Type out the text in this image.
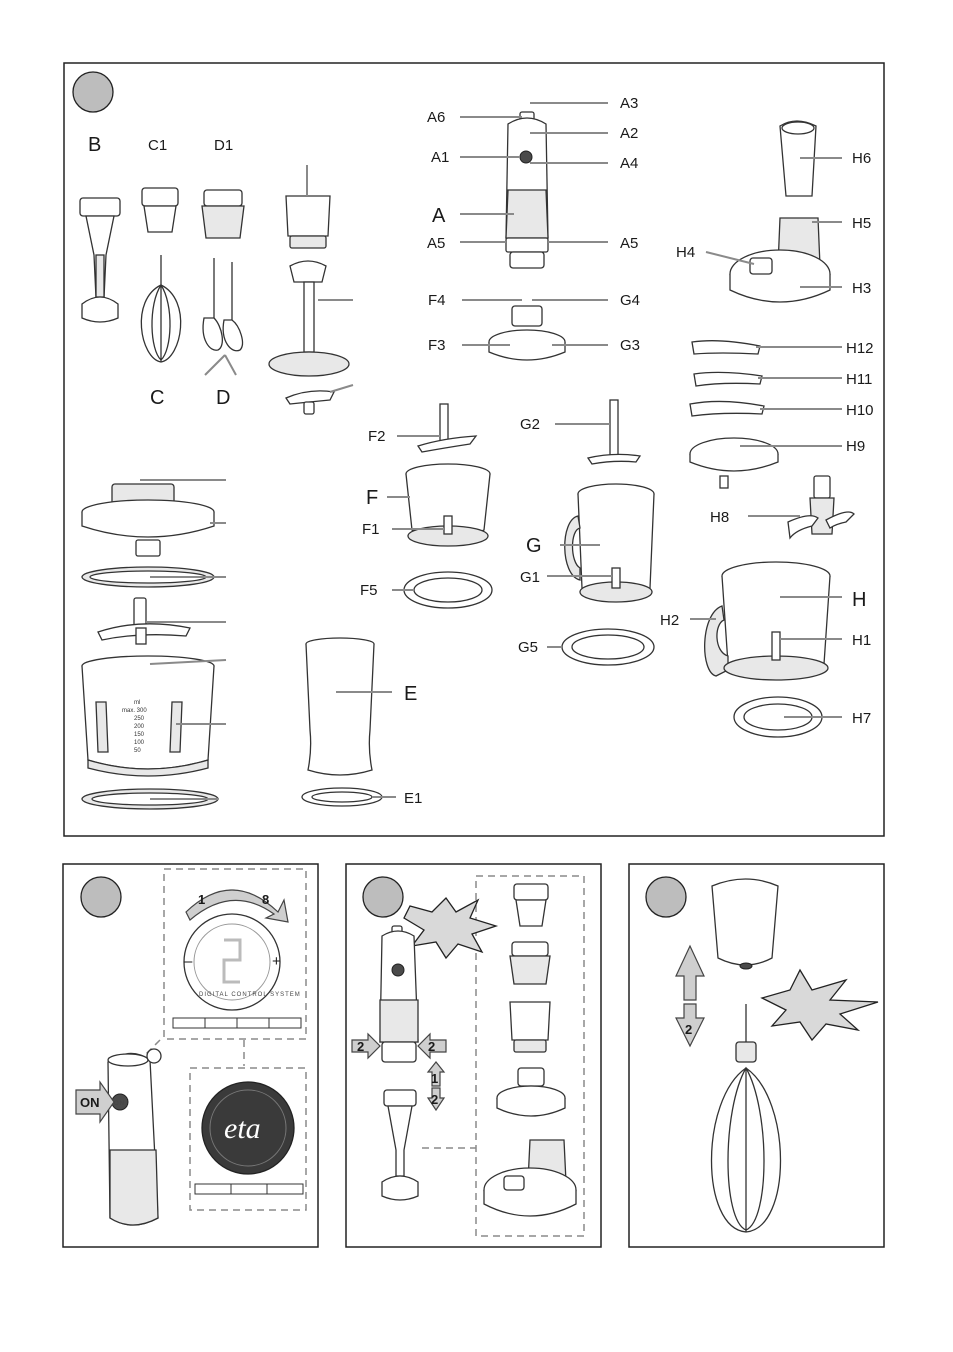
ml
max. 300
250
200
150
100
50
B	C1	D1
C	D
A6
A3
A2
A1	A4
A
A5	A5
F4	G4
F3	G3
F2
G2
F
F1
F5
G
G1
G5
H6
H5
H4
H3
H12
H11
H10
H9
H8
H
H2
H1
H7
E
E1
1	8
–	+
DIGITAL CONTROL SYSTEM
eta
ON
ON
2	2
1
2
2
